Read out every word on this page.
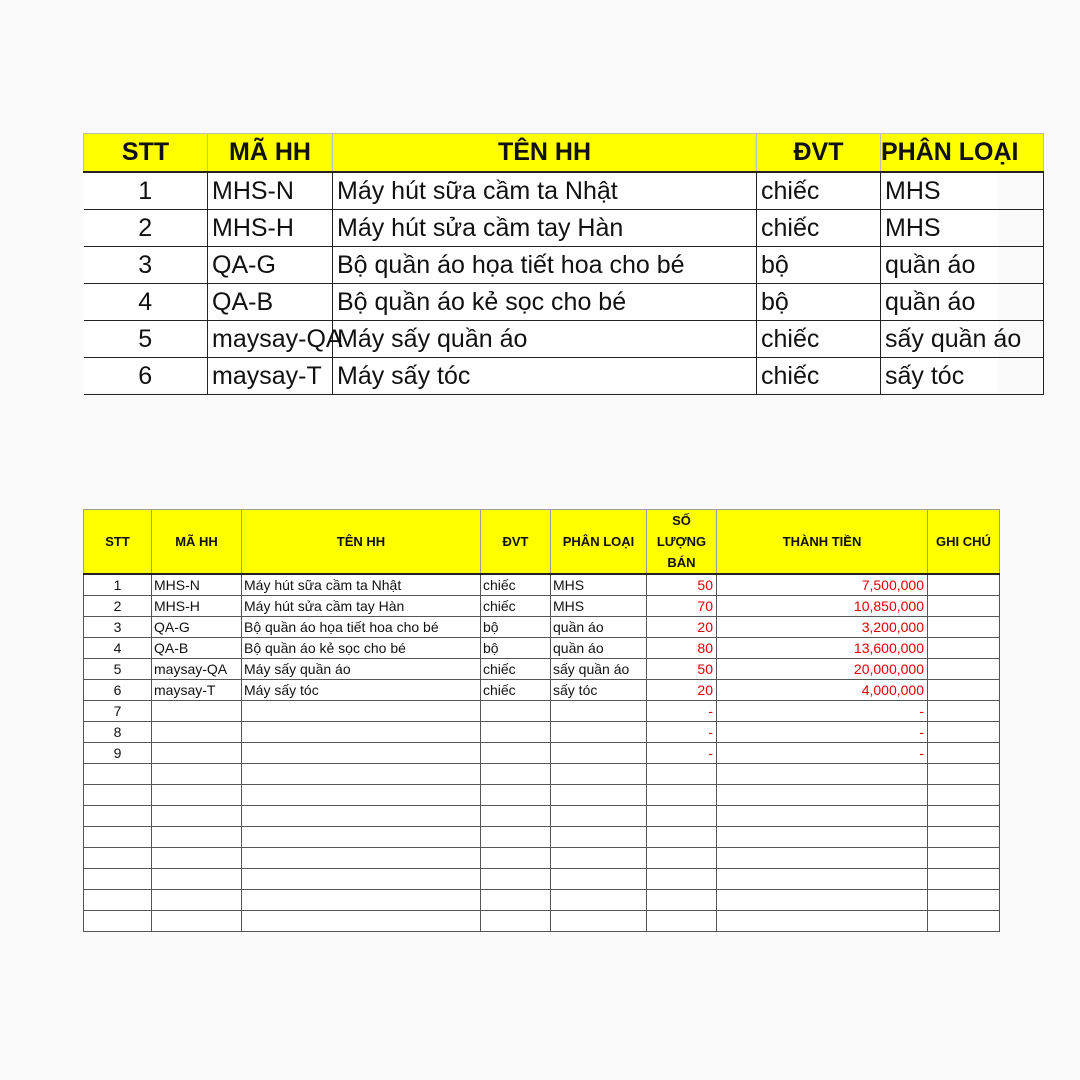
STT	MÃ HH	TÊN HH	ĐVT	PHÂN LOẠI
1	MHS-N	Máy hút sữa cầm ta Nhật	chiếc	MHS
2	MHS-H	Máy hút sửa cầm tay Hàn	chiếc	MHS
3	QA-G	Bộ quần áo họa tiết hoa cho bé	bộ	quần áo
4	QA-B	Bộ quần áo kẻ sọc cho bé	bộ	quần áo
5	maysay-QA	Máy sấy quần áo	chiếc	sấy quần áo
6	maysay-T	Máy sấy tóc	chiếc	sấy tóc
STT	MÃ HH	TÊN HH	ĐVT	PHÂN LOẠI	SỐ LƯỢNG BÁN	THÀNH TIỀN	GHI CHÚ
1	MHS-N	Máy hút sữa cầm ta Nhật	chiếc	MHS	50	7,500,000	
2	MHS-H	Máy hút sửa cầm tay Hàn	chiếc	MHS	70	10,850,000	
3	QA-G	Bộ quần áo họa tiết hoa cho bé	bộ	quần áo	20	3,200,000	
4	QA-B	Bộ quần áo kẻ sọc cho bé	bộ	quần áo	80	13,600,000	
5	maysay-QA	Máy sấy quần áo	chiếc	sấy quần áo	50	20,000,000	
6	maysay-T	Máy sấy tóc	chiếc	sấy tóc	20	4,000,000	
7					-	-	
8					-	-	
9					-	-	
